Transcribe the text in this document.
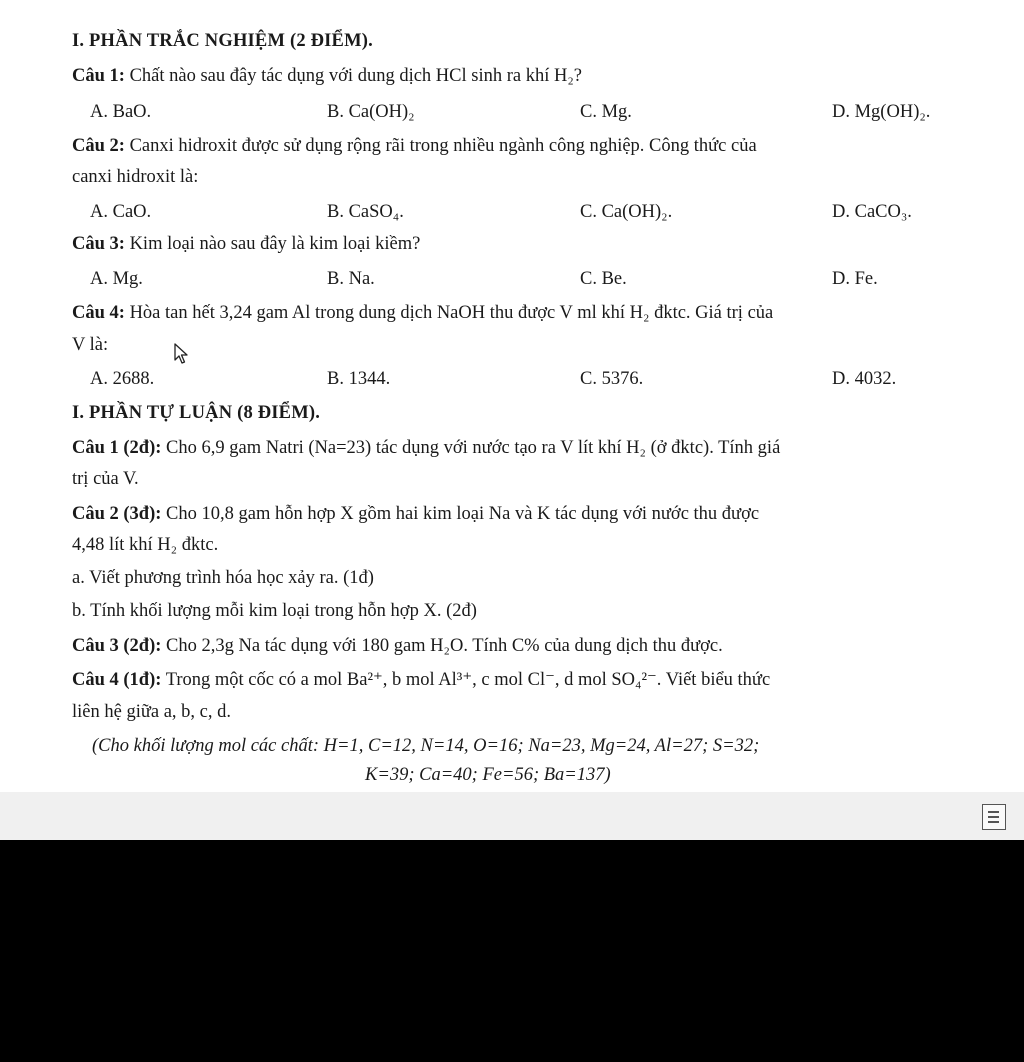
I. PHẦN TRẮC NGHIỆM (2 ĐIỂM).
Câu 1: Chất nào sau đây tác dụng với dung dịch HCl sinh ra khí H₂?
A. BaO.	B. Ca(OH)₂	C. Mg.	D. Mg(OH)₂.
Câu 2: Canxi hidroxit được sử dụng rộng rãi trong nhiều ngành công nghiệp. Công thức của
canxi hidroxit là:
A. CaO.	B. CaSO₄.	C. Ca(OH)₂.	D. CaCO₃.
Câu 3: Kim loại nào sau đây là kim loại kiềm?
A. Mg.	B. Na.	C. Be.	D. Fe.
Câu 4: Hòa tan hết 3,24 gam Al trong dung dịch NaOH thu được V ml khí H₂ đktc. Giá trị của
V là:
A. 2688.	B. 1344.	C. 5376.	D. 4032.
I. PHẦN TỰ LUẬN (8 ĐIỂM).
Câu 1 (2đ): Cho 6,9 gam Natri (Na=23) tác dụng với nước tạo ra V lít khí H₂ (ở đktc). Tính giá
trị của V.
Câu 2 (3đ): Cho 10,8 gam hỗn hợp X gồm hai kim loại Na và K tác dụng với nước thu được
4,48 lít khí H₂ đktc.
a. Viết phương trình hóa học xảy ra. (1đ)
b. Tính khối lượng mỗi kim loại trong hỗn hợp X. (2đ)
Câu 3 (2đ): Cho 2,3g Na tác dụng với 180 gam H₂O. Tính C% của dung dịch thu được.
Câu 4 (1đ): Trong một cốc có a mol Ba²⁺, b mol Al³⁺, c mol Cl⁻, d mol SO₄²⁻. Viết biểu thức
liên hệ giữa a, b, c, d.
(Cho khối lượng mol các chất: H=1, C=12, N=14, O=16; Na=23, Mg=24, Al=27; S=32;
K=39; Ca=40; Fe=56; Ba=137)
